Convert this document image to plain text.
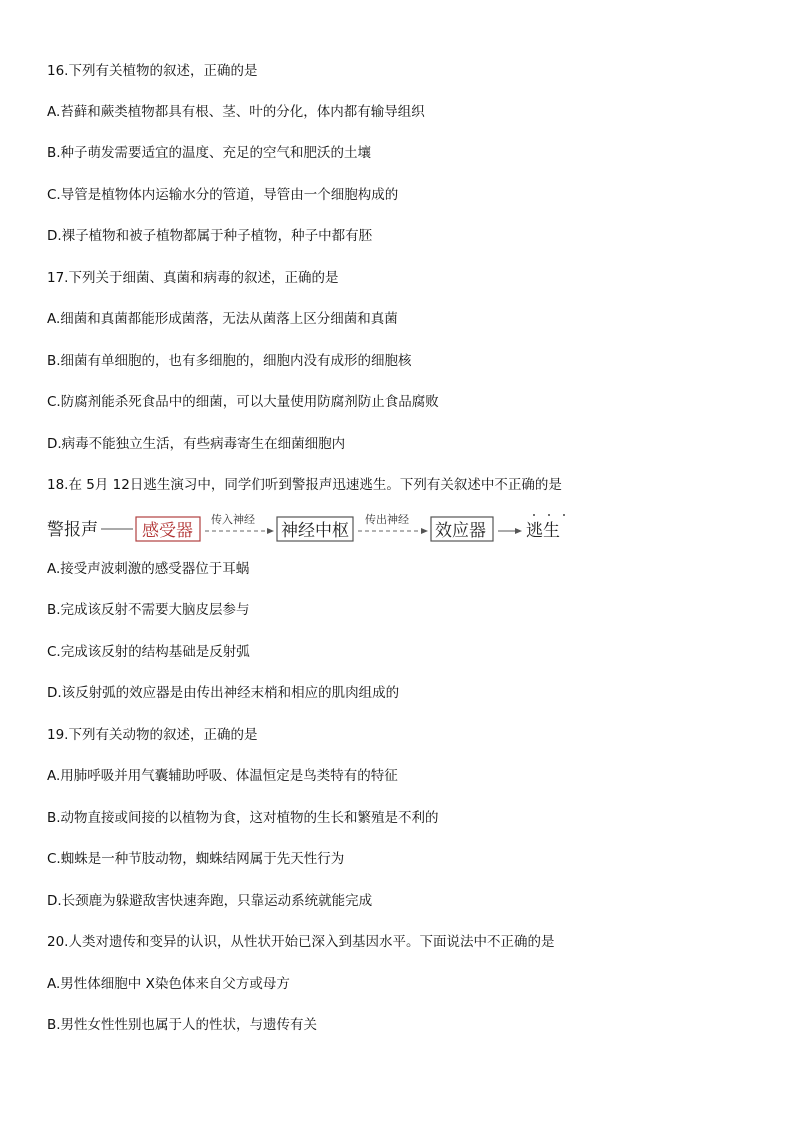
16.下列有关植物的叙述，正确的是
A.苔藓和蕨类植物都具有根、茎、叶的分化，体内都有输导组织
B.种子萌发需要适宜的温度、充足的空气和肥沃的土壤
C.导管是植物体内运输水分的管道，导管由一个细胞构成的
D.裸子植物和被子植物都属于种子植物，种子中都有胚
17.下列关于细菌、真菌和病毒的叙述，正确的是
A.细菌和真菌都能形成菌落，无法从菌落上区分细菌和真菌
B.细菌有单细胞的，也有多细胞的，细胞内没有成形的细胞核
C.防腐剂能杀死食品中的细菌，可以大量使用防腐剂防止食品腐败
D.病毒不能独立生活，有些病毒寄生在细菌细胞内
18.在 5月 12日逃生演习中，同学们听到警报声迅速逃生。下列有关叙述中不正确的是
警报声	感受器
传入神经
神经中枢
传出神经
效应器 逃生
A.接受声波刺激的感受器位于耳蜗
B.完成该反射不需要大脑皮层参与
C.完成该反射的结构基础是反射弧
D.该反射弧的效应器是由传出神经末梢和相应的肌肉组成的
19.下列有关动物的叙述，正确的是
A.用肺呼吸并用气囊辅助呼吸、体温恒定是鸟类特有的特征
B.动物直接或间接的以植物为食，这对植物的生长和繁殖是不利的
C.蜘蛛是一种节肢动物，蜘蛛结网属于先天性行为
D.长颈鹿为躲避敌害快速奔跑，只靠运动系统就能完成
20.人类对遗传和变异的认识，从性状开始已深入到基因水平。下面说法中不正确的是
A.男性体细胞中 X染色体来自父方或母方
B.男性女性性别也属于人的性状，与遗传有关
